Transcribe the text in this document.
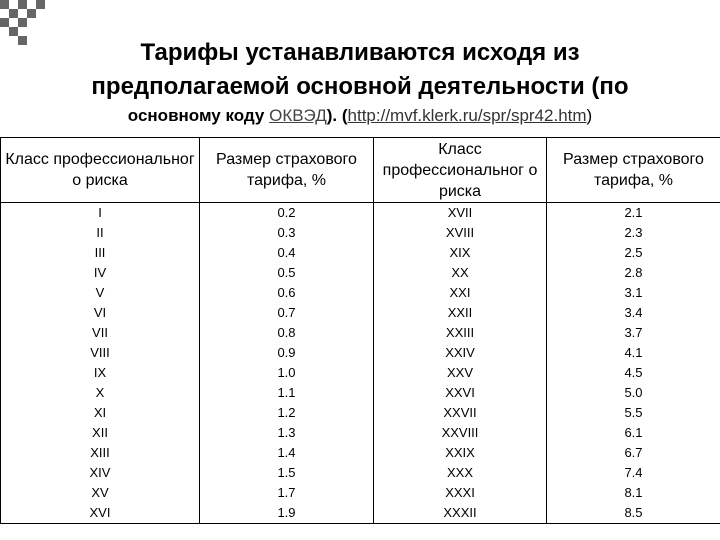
Тарифы устанавливаются исходя из
предполагаемой основной деятельности (по
основному коду ОКВЭД). (http://mvf.klerk.ru/spr/spr42.htm)
Класс профессиональног о риска	Размер страхового тарифа, %	Класс профессиональног о риска	Размер страхового тарифа, %
I	0.2	XVII	2.1
II	0.3	XVIII	2.3
III	0.4	XIX	2.5
IV	0.5	XX	2.8
V	0.6	XXI	3.1
VI	0.7	XXII	3.4
VII	0.8	XXIII	3.7
VIII	0.9	XXIV	4.1
IX	1.0	XXV	4.5
X	1.1	XXVI	5.0
XI	1.2	XXVII	5.5
XII	1.3	XXVIII	6.1
XIII	1.4	XXIX	6.7
XIV	1.5	XXX	7.4
XV	1.7	XXXI	8.1
XVI	1.9	XXXII	8.5
